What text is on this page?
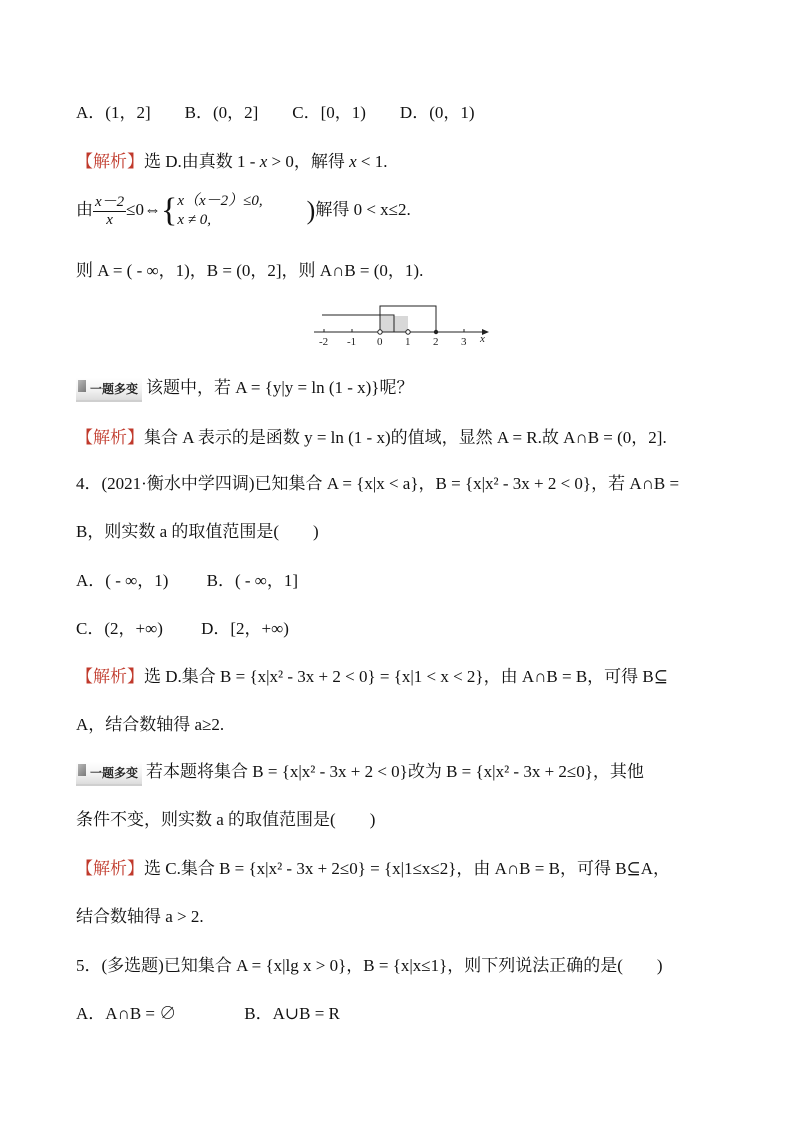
A．(1，2]　　B．(0，2]　　C．[0，1)　　D．(0，1)
【解析】选 D.由真数 1 - x > 0，解得 x < 1.
由 $\frac{x-2}{x}$ ≤0⇔{ x（x－2）≤0,
x ≠ 0,	)解得 0 < x≤2.
则 A = ( - ∞，1)，B = (0，2]，则 A∩B = (0，1).
-2 -1 0 1 2 3 x
一题多变 该题中，若 A = {y|y = ln (1 - x)}呢？
【解析】集合 A 表示的是函数 y = ln (1 - x)的值域，显然 A = R.故 A∩B = (0，2].
4．(2021·衡水中学四调)已知集合 A = {x|x < a}，B = {x|x² - 3x + 2 < 0}，若 A∩B =
B，则实数 a 的取值范围是(　　)
A．( - ∞，1)　　 B．( - ∞，1]
C．(2，+∞)　　 D．[2，+∞)
【解析】选 D.集合 B = {x|x² - 3x + 2 < 0} = {x|1 < x < 2}，由 A∩B = B，可得 B⊆
A，结合数轴得 a≥2.
一题多变 若本题将集合 B = {x|x² - 3x + 2 < 0}改为 B = {x|x² - 3x + 2≤0}，其他
条件不变，则实数 a 的取值范围是(　　)
【解析】选 C.集合 B = {x|x² - 3x + 2≤0} = {x|1≤x≤2}，由 A∩B = B，可得 B⊆A，
结合数轴得 a > 2.
5．(多选题)已知集合 A = {x|lg x > 0}，B = {x|x≤1}，则下列说法正确的是(　　)
A．A∩B = ∅　　　　B．A∪B = R
